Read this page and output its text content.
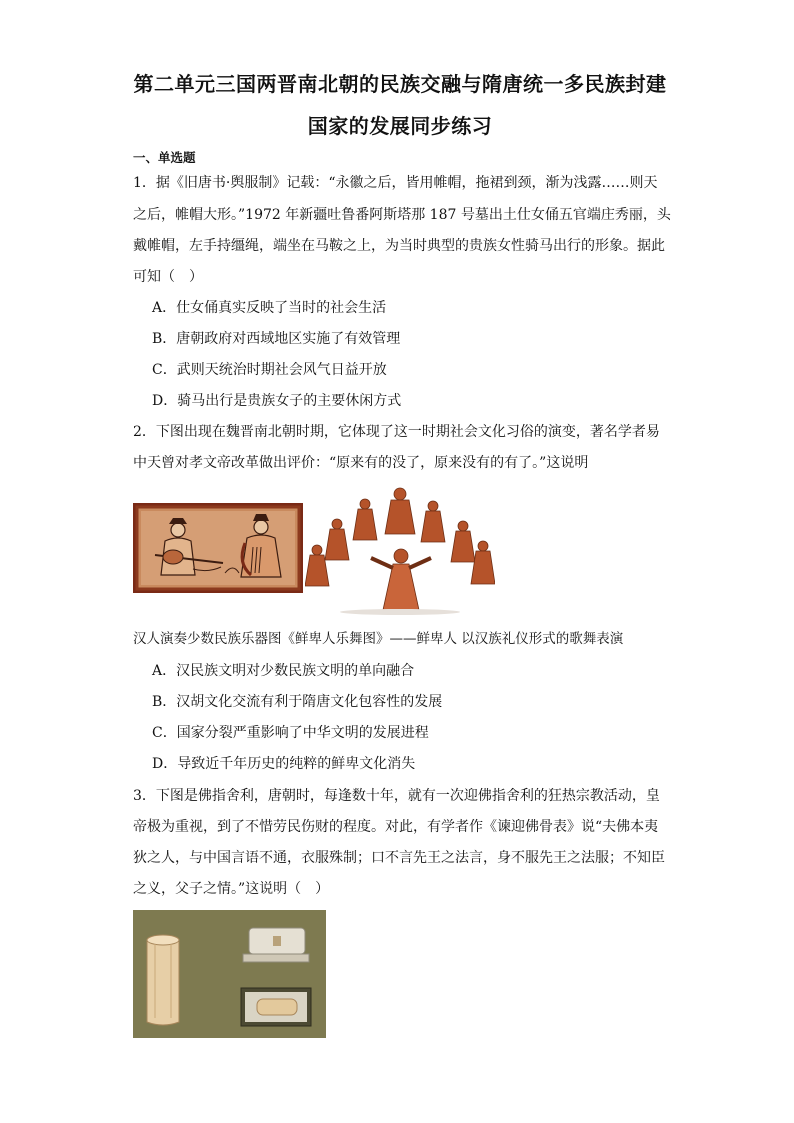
第二单元三国两晋南北朝的民族交融与隋唐统一多民族封建
国家的发展同步练习
一、单选题
1．据《旧唐书·舆服制》记载：“永徽之后，皆用帷帽，拖裙到颈，渐为浅露……则天
之后，帷帽大形。”1972 年新疆吐鲁番阿斯塔那 187 号墓出土仕女俑五官端庄秀丽，头
戴帷帽，左手持缰绳，端坐在马鞍之上，为当时典型的贵族女性骑马出行的形象。据此
可知（　）
A．仕女俑真实反映了当时的社会生活
B．唐朝政府对西域地区实施了有效管理
C．武则天统治时期社会风气日益开放
D．骑马出行是贵族女子的主要休闲方式
2．下图出现在魏晋南北朝时期，它体现了这一时期社会文化习俗的演变，著名学者易
中天曾对孝文帝改革做出评价：“原来有的没了，原来没有的有了。”这说明
汉人演奏少数民族乐器图《鲜卑人乐舞图》——鲜卑人 以汉族礼仪形式的歌舞表演
A．汉民族文明对少数民族文明的单向融合
B．汉胡文化交流有利于隋唐文化包容性的发展
C．国家分裂严重影响了中华文明的发展进程
D．导致近千年历史的纯粹的鲜卑文化消失
3．下图是佛指舍利，唐朝时，每逢数十年，就有一次迎佛指舍利的狂热宗教活动，皇
帝极为重视，到了不惜劳民伤财的程度。对此，有学者作《谏迎佛骨表》说“夫佛本夷
狄之人，与中国言语不通，衣服殊制；口不言先王之法言，身不服先王之法服；不知臣
之义，父子之情。”这说明（　）
